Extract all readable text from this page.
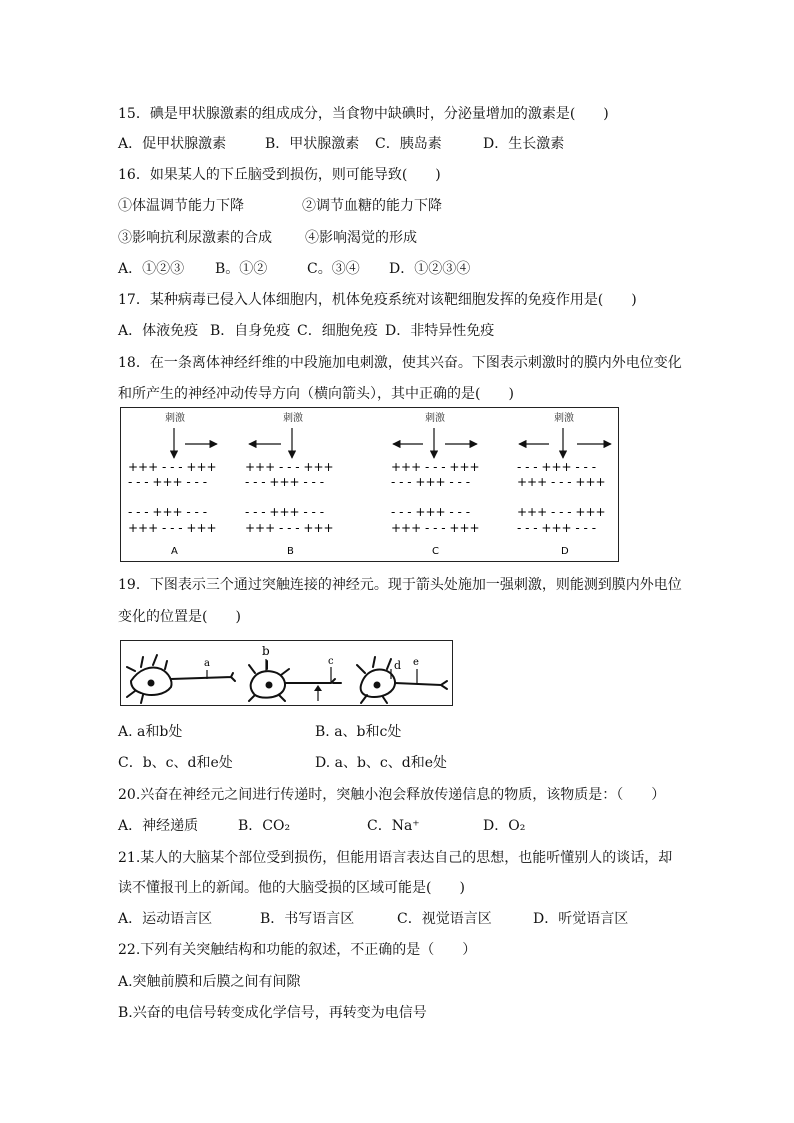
15．碘是甲状腺激素的组成成分，当食物中缺碘时，分泌量增加的激素是(　　)
A．促甲状腺激素	B．甲状腺激素 C．胰岛素	D．生长激素
16．如果某人的下丘脑受到损伤，则可能导致(　　)
①体温调节能力下降	②调节血糖的能力下降
③影响抗利尿激素的合成 ④影响渴觉的形成
A．①②③ B。①②	C。③④ D．①②③④
17．某种病毒已侵入人体细胞内，机体免疫系统对该靶细胞发挥的免疫作用是(　　)
A．体液免疫 B．自身免疫 C．细胞免疫 D．非特异性免疫
18．在一条离体神经纤维的中段施加电刺激，使其兴奋。下图表示刺激时的膜内外电位变化
和所产生的神经冲动传导方向（横向箭头），其中正确的是(　　)
刺激
+++ - - - +++
- - - +++ - - -
- - - +++ - - -
+++ - - - +++
A
刺激
+++ - - - +++
- - - +++ - - -
- - - +++ - - -
+++ - - - +++
B
刺激
+++ - - - +++
- - - +++ - - -
- - - +++ - - -
+++ - - - +++
C
刺激
- - - +++ - - -
+++ - - - +++
+++ - - - +++
- - - +++ - - -
D
19．下图表示三个通过突触连接的神经元。现于箭头处施加一强刺激，则能测到膜内外电位
变化的位置是(　　)
a
b
c	d e
A. a和b处	B. a、b和c处
C．b、c、d和e处	D. a、b、c、d和e处
20.兴奋在神经元之间进行传递时，突触小泡会释放传递信息的物质，该物质是：（　　）
A．神经递质	B．CO₂	C．Na⁺	D．O₂
21.某人的大脑某个部位受到损伤，但能用语言表达自己的思想，也能听懂别人的谈话，却
读不懂报刊上的新闻。他的大脑受损的区域可能是(　　)
A．运动语言区	B．书写语言区	C．视觉语言区	D．听觉语言区
22.下列有关突触结构和功能的叙述，不正确的是（　　）
A.突触前膜和后膜之间有间隙
B.兴奋的电信号转变成化学信号，再转变为电信号
